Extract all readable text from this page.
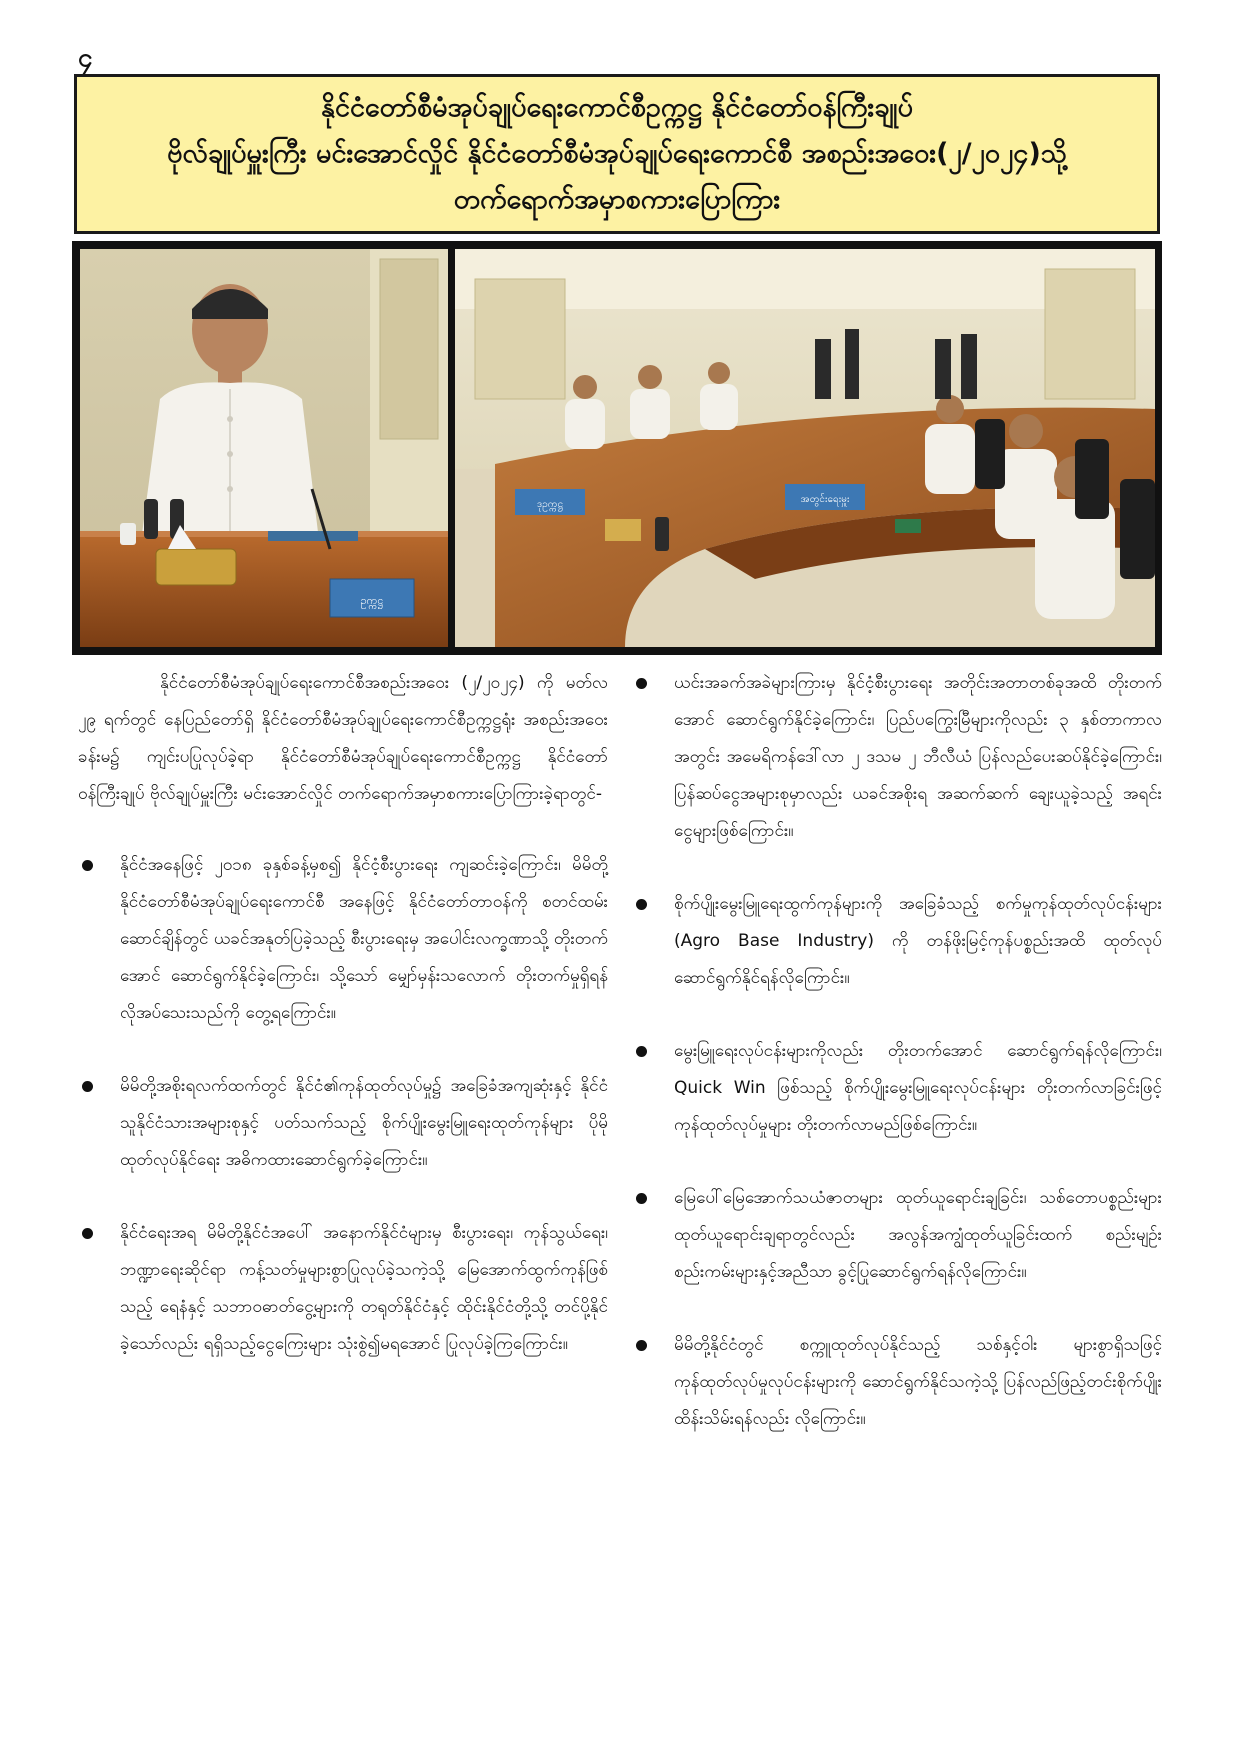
၄
နိုင်ငံတော်စီမံအုပ်ချုပ်ရေးကောင်စီဥက္ကဋ္ဌ နိုင်ငံတော်ဝန်ကြီးချုပ်
ဗိုလ်ချုပ်မှူးကြီး မင်းအောင်လှိုင် နိုင်ငံတော်စီမံအုပ်ချုပ်ရေးကောင်စီ အစည်းအဝေး(၂/၂၀၂၄)သို့
တက်ရောက်အမှာစကားပြောကြား
ဥက္ကဋ္ဌ
ဒုဥက္ကဋ္ဌ	အတွင်းရေးမှူး

နိုင်ငံတော်စီမံအုပ်ချုပ်ရေးကောင်စီအစည်းအဝေး (၂/၂၀၂၄) ကို မတ်လ ၂၉ ရက်တွင် နေပြည်တော်ရှိ နိုင်ငံတော်စီမံအုပ်ချုပ်ရေးကောင်စီဥက္ကဋ္ဌရုံး အစည်းအဝေးခန်းမ၌ ကျင်းပပြုလုပ်ခဲ့ရာ နိုင်ငံတော်စီမံအုပ်ချုပ်ရေးကောင်စီဥက္ကဋ္ဌ နိုင်ငံတော်ဝန်ကြီးချုပ် ဗိုလ်ချုပ်မှူးကြီး မင်းအောင်လှိုင် တက်ရောက်အမှာစကားပြောကြားခဲ့ရာတွင်-

နိုင်ငံအနေဖြင့် ၂၀၁၈ ခုနှစ်ခန့်မှစ၍ နိုင်ငံ့စီးပွားရေး ကျဆင်းခဲ့ကြောင်း၊ မိမိတို့နိုင်ငံတော်စီမံအုပ်ချုပ်ရေးကောင်စီ အနေဖြင့် နိုင်ငံတော်တာဝန်ကို စတင်ထမ်းဆောင်ချိန်တွင် ယခင်အနုတ်ပြခဲ့သည့် စီးပွားရေးမှ အပေါင်းလက္ခဏာသို့ တိုးတက်အောင် ဆောင်ရွက်နိုင်ခဲ့ကြောင်း၊ သို့သော် မျှော်မှန်းသလောက် တိုးတက်မှုရှိရန် လိုအပ်သေးသည်ကို တွေ့ရကြောင်း။
မိမိတို့အစိုးရလက်ထက်တွင် နိုင်ငံ၏ကုန်ထုတ်လုပ်မှု၌ အခြေခံအကျဆုံးနှင့် နိုင်ငံသူနိုင်ငံသားအများစုနှင့် ပတ်သက်သည့် စိုက်ပျိုးမွေးမြူရေးထုတ်ကုန်များ ပိုမိုထုတ်လုပ်နိုင်ရေး အဓိကထားဆောင်ရွက်ခဲ့ကြောင်း။
နိုင်ငံရေးအရ မိမိတို့နိုင်ငံအပေါ် အနောက်နိုင်ငံများမှ စီးပွားရေး၊ ကုန်သွယ်ရေး၊ ဘဏ္ဍာရေးဆိုင်ရာ ကန့်သတ်မှုများစွာပြုလုပ်ခဲ့သကဲ့သို့ မြေအောက်ထွက်ကုန်ဖြစ်သည့် ရေနံနှင့် သဘာဝဓာတ်ငွေ့များကို တရုတ်နိုင်ငံနှင့် ထိုင်းနိုင်ငံတို့သို့ တင်ပို့နိုင်ခဲ့သော်လည်း ရရှိသည့်ငွေကြေးများ သုံးစွဲ၍မရအောင် ပြုလုပ်ခဲ့ကြကြောင်း။
ယင်းအခက်အခဲများကြားမှ နိုင်ငံ့စီးပွားရေး အတိုင်းအတာတစ်ခုအထိ တိုးတက်အောင် ဆောင်ရွက်နိုင်ခဲ့ကြောင်း၊ ပြည်ပကြွေးမြီများကိုလည်း ၃ နှစ်တာကာလအတွင်း အမေရိကန်ဒေါ်လာ ၂ ဒသမ ၂ ဘီလီယံ ပြန်လည်ပေးဆပ်နိုင်ခဲ့ကြောင်း၊ ပြန်ဆပ်ငွေအများစုမှာလည်း ယခင်အစိုးရ အဆက်ဆက် ချေးယူခဲ့သည့် အရင်းငွေများဖြစ်ကြောင်း။
စိုက်ပျိုးမွေးမြူရေးထွက်ကုန်များကို အခြေခံသည့် စက်မှုကုန်ထုတ်လုပ်ငန်းများ (Agro Base Industry) ကို တန်ဖိုးမြင့်ကုန်ပစ္စည်းအထိ ထုတ်လုပ်ဆောင်ရွက်နိုင်ရန်လိုကြောင်း။
မွေးမြူရေးလုပ်ငန်းများကိုလည်း တိုးတက်အောင် ဆောင်ရွက်ရန်လိုကြောင်း၊ Quick Win ဖြစ်သည့် စိုက်ပျိုးမွေးမြူရေးလုပ်ငန်းများ တိုးတက်လာခြင်းဖြင့် ကုန်ထုတ်လုပ်မှုများ တိုးတက်လာမည်ဖြစ်ကြောင်း။
မြေပေါ်မြေအောက်သယံဇာတများ ထုတ်ယူရောင်းချခြင်း၊ သစ်တောပစ္စည်းများ ထုတ်ယူရောင်းချရာတွင်လည်း အလွန်အကျွံထုတ်ယူခြင်းထက် စည်းမျဉ်းစည်းကမ်းများနှင့်အညီသာ ခွင့်ပြုဆောင်ရွက်ရန်လိုကြောင်း။
မိမိတို့နိုင်ငံတွင် စက္ကူထုတ်လုပ်နိုင်သည့် သစ်နှင့်ဝါး များစွာရှိသဖြင့် ကုန်ထုတ်လုပ်မှုလုပ်ငန်းများကို ဆောင်ရွက်နိုင်သကဲ့သို့ ပြန်လည်ဖြည့်တင်းစိုက်ပျိုးထိန်းသိမ်းရန်လည်း လိုကြောင်း။
